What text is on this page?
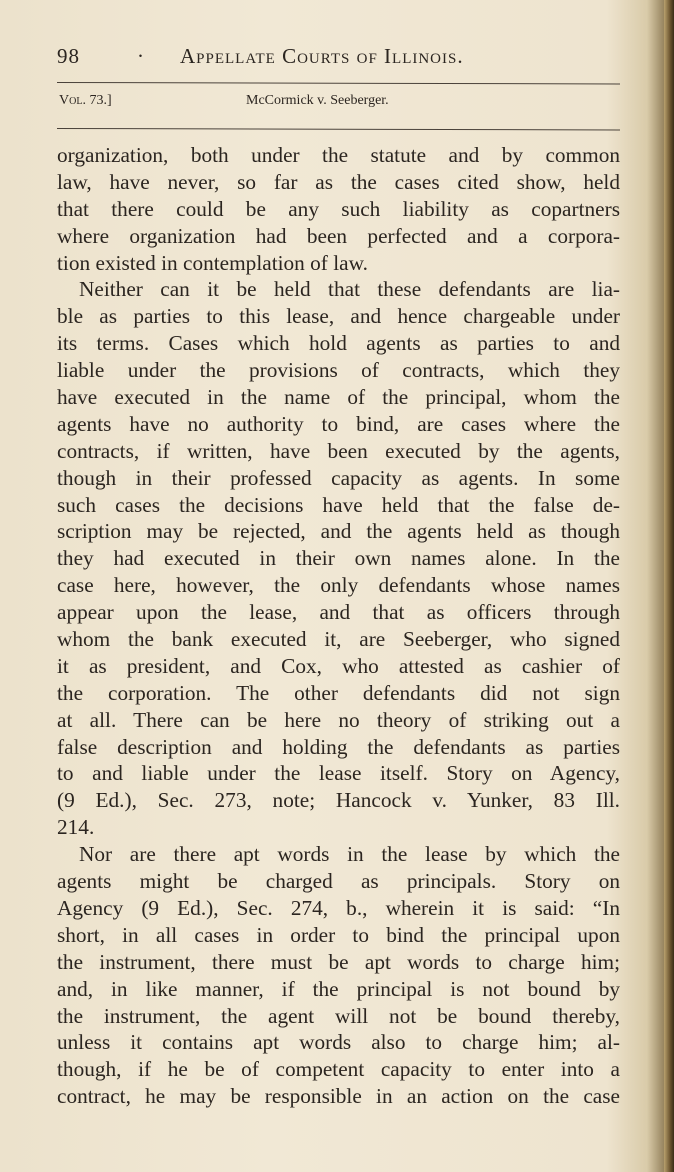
98	· Appellate Courts of Illinois.
Vol. 73.]	McCormick v. Seeberger.
organization, both under the statute and by common
law, have never, so far as the cases cited show, held
that there could be any such liability as copartners
where organization had been perfected and a corpora-
tion existed in contemplation of law.
Neither can it be held that these defendants are lia-
ble as parties to this lease, and hence chargeable under
its terms. Cases which hold agents as parties to and
liable under the provisions of contracts, which they
have executed in the name of the principal, whom the
agents have no authority to bind, are cases where the
contracts, if written, have been executed by the agents,
though in their professed capacity as agents. In some
such cases the decisions have held that the false de-
scription may be rejected, and the agents held as though
they had executed in their own names alone. In the
case here, however, the only defendants whose names
appear upon the lease, and that as officers through
whom the bank executed it, are Seeberger, who signed
it as president, and Cox, who attested as cashier of
the corporation. The other defendants did not sign
at all. There can be here no theory of striking out a
false description and holding the defendants as parties
to and liable under the lease itself. Story on Agency,
(9 Ed.), Sec. 273, note; Hancock v. Yunker, 83 Ill.
214.
Nor are there apt words in the lease by which the
agents might be charged as principals. Story on
Agency (9 Ed.), Sec. 274, b., wherein it is said: “In
short, in all cases in order to bind the principal upon
the instrument, there must be apt words to charge him;
and, in like manner, if the principal is not bound by
the instrument, the agent will not be bound thereby,
unless it contains apt words also to charge him; al-
though, if he be of competent capacity to enter into a
contract, he may be responsible in an action on the case
